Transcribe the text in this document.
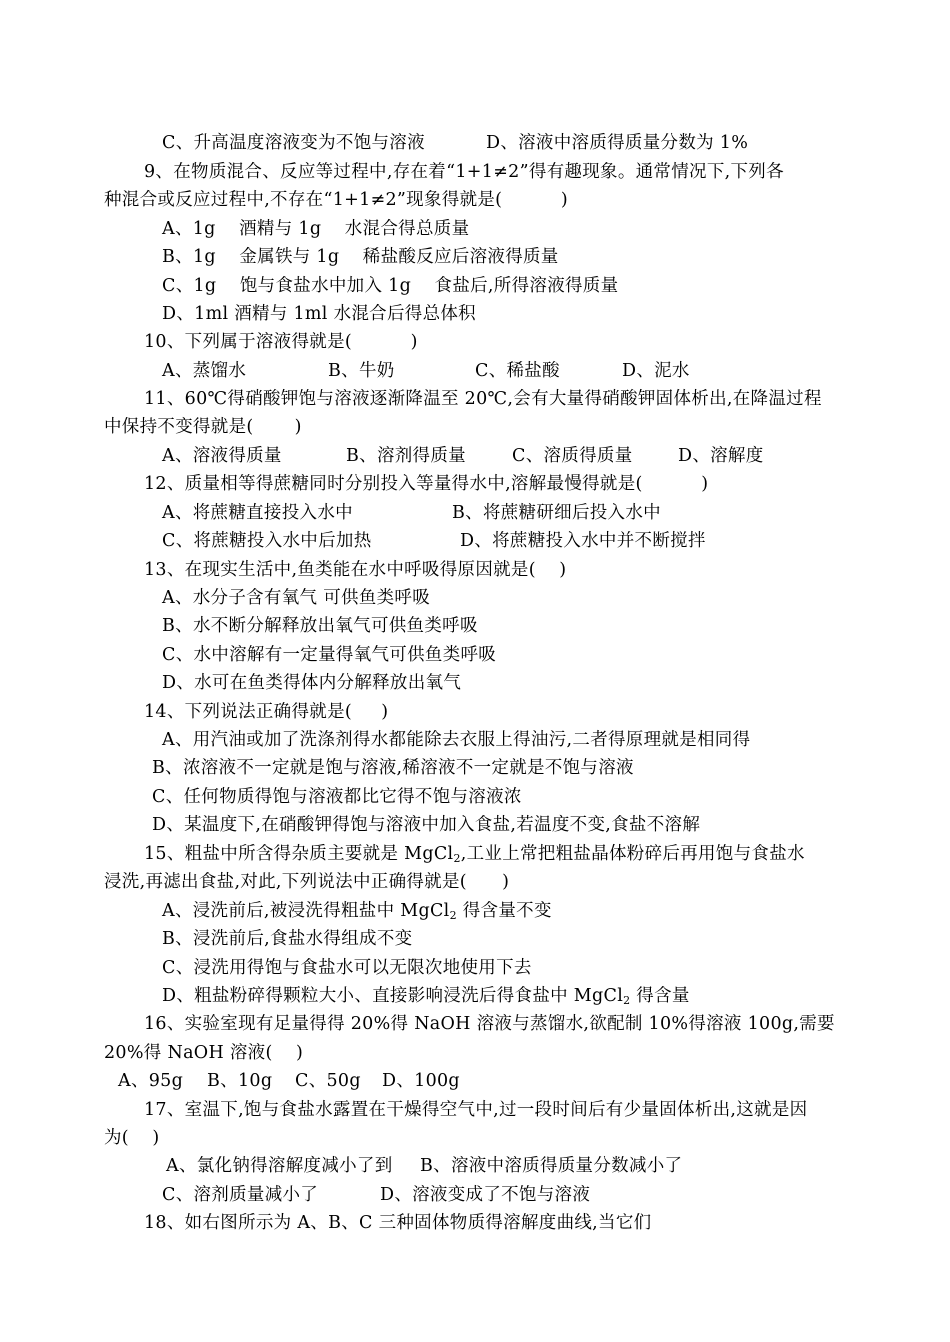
C、升高温度溶液变为不饱与溶液

	D、溶液中溶质得质量分数为 1%

9、在物质混合、反应等过程中,存在着“1+1≠2”得有趣现象。通常情况下,下列各
种混合或反应过程中,不存在“1+1≠2”现象得就是(          )
A、1g    酒精与 1g    水混合得总质量
B、1g    金属铁与 1g    稀盐酸反应后溶液得质量
C、1g    饱与食盐水中加入 1g    食盐后,所得溶液得质量
D、1ml 酒精与 1ml 水混合后得总体积
10、下列属于溶液得就是(          )

A、蒸馏水

	B、牛奶

	C、稀盐酸

	D、泥水

11、60℃得硝酸钾饱与溶液逐渐降温至 20℃,会有大量得硝酸钾固体析出,在降温过程
中保持不变得就是(       )

A、溶液得质量

	B、溶剂得质量

	C、溶质得质量

	D、溶解度

12、质量相等得蔗糖同时分别投入等量得水中,溶解最慢得就是(          )

A、将蔗糖直接投入水中

	B、将蔗糖研细后投入水中

C、将蔗糖投入水中后加热

	D、将蔗糖投入水中并不断搅拌

13、在现实生活中,鱼类能在水中呼吸得原因就是(    )
A、水分子含有氧气 可供鱼类呼吸
B、水不断分解释放出氧气可供鱼类呼吸
C、水中溶解有一定量得氧气可供鱼类呼吸
D、水可在鱼类得体内分解释放出氧气
14、下列说法正确得就是(     )
A、用汽油或加了洗涤剂得水都能除去衣服上得油污,二者得原理就是相同得
B、浓溶液不一定就是饱与溶液,稀溶液不一定就是不饱与溶液
C、任何物质得饱与溶液都比它得不饱与溶液浓
D、某温度下,在硝酸钾得饱与溶液中加入食盐,若温度不变,食盐不溶解
15、粗盐中所含得杂质主要就是 MgCl$_2$,工业上常把粗盐晶体粉碎后再用饱与食盐水
浸洗,再滤出食盐,对此,下列说法中正确得就是(      )
A、浸洗前后,被浸洗得粗盐中 MgCl$_2$ 得含量不变
B、浸洗前后,食盐水得组成不变
C、浸洗用得饱与食盐水可以无限次地使用下去
D、粗盐粉碎得颗粒大小、直接影响浸洗后得食盐中 MgCl$_2$ 得含量
16、实验室现有足量得得 20%得 NaOH 溶液与蒸馏水,欲配制 10%得溶液 100g,需要
20%得 NaOH 溶液(    )

A、95g

B、10g

C、50g

D、100g

17、室温下,饱与食盐水露置在干燥得空气中,过一段时间后有少量固体析出,这就是因
为(    )

A、氯化钠得溶解度减小了到

B、溶液中溶质得质量分数减小了

C、溶剂质量减小了

	D、溶液变成了不饱与溶液

18、如右图所示为 A、B、C 三种固体物质得溶解度曲线,当它们
